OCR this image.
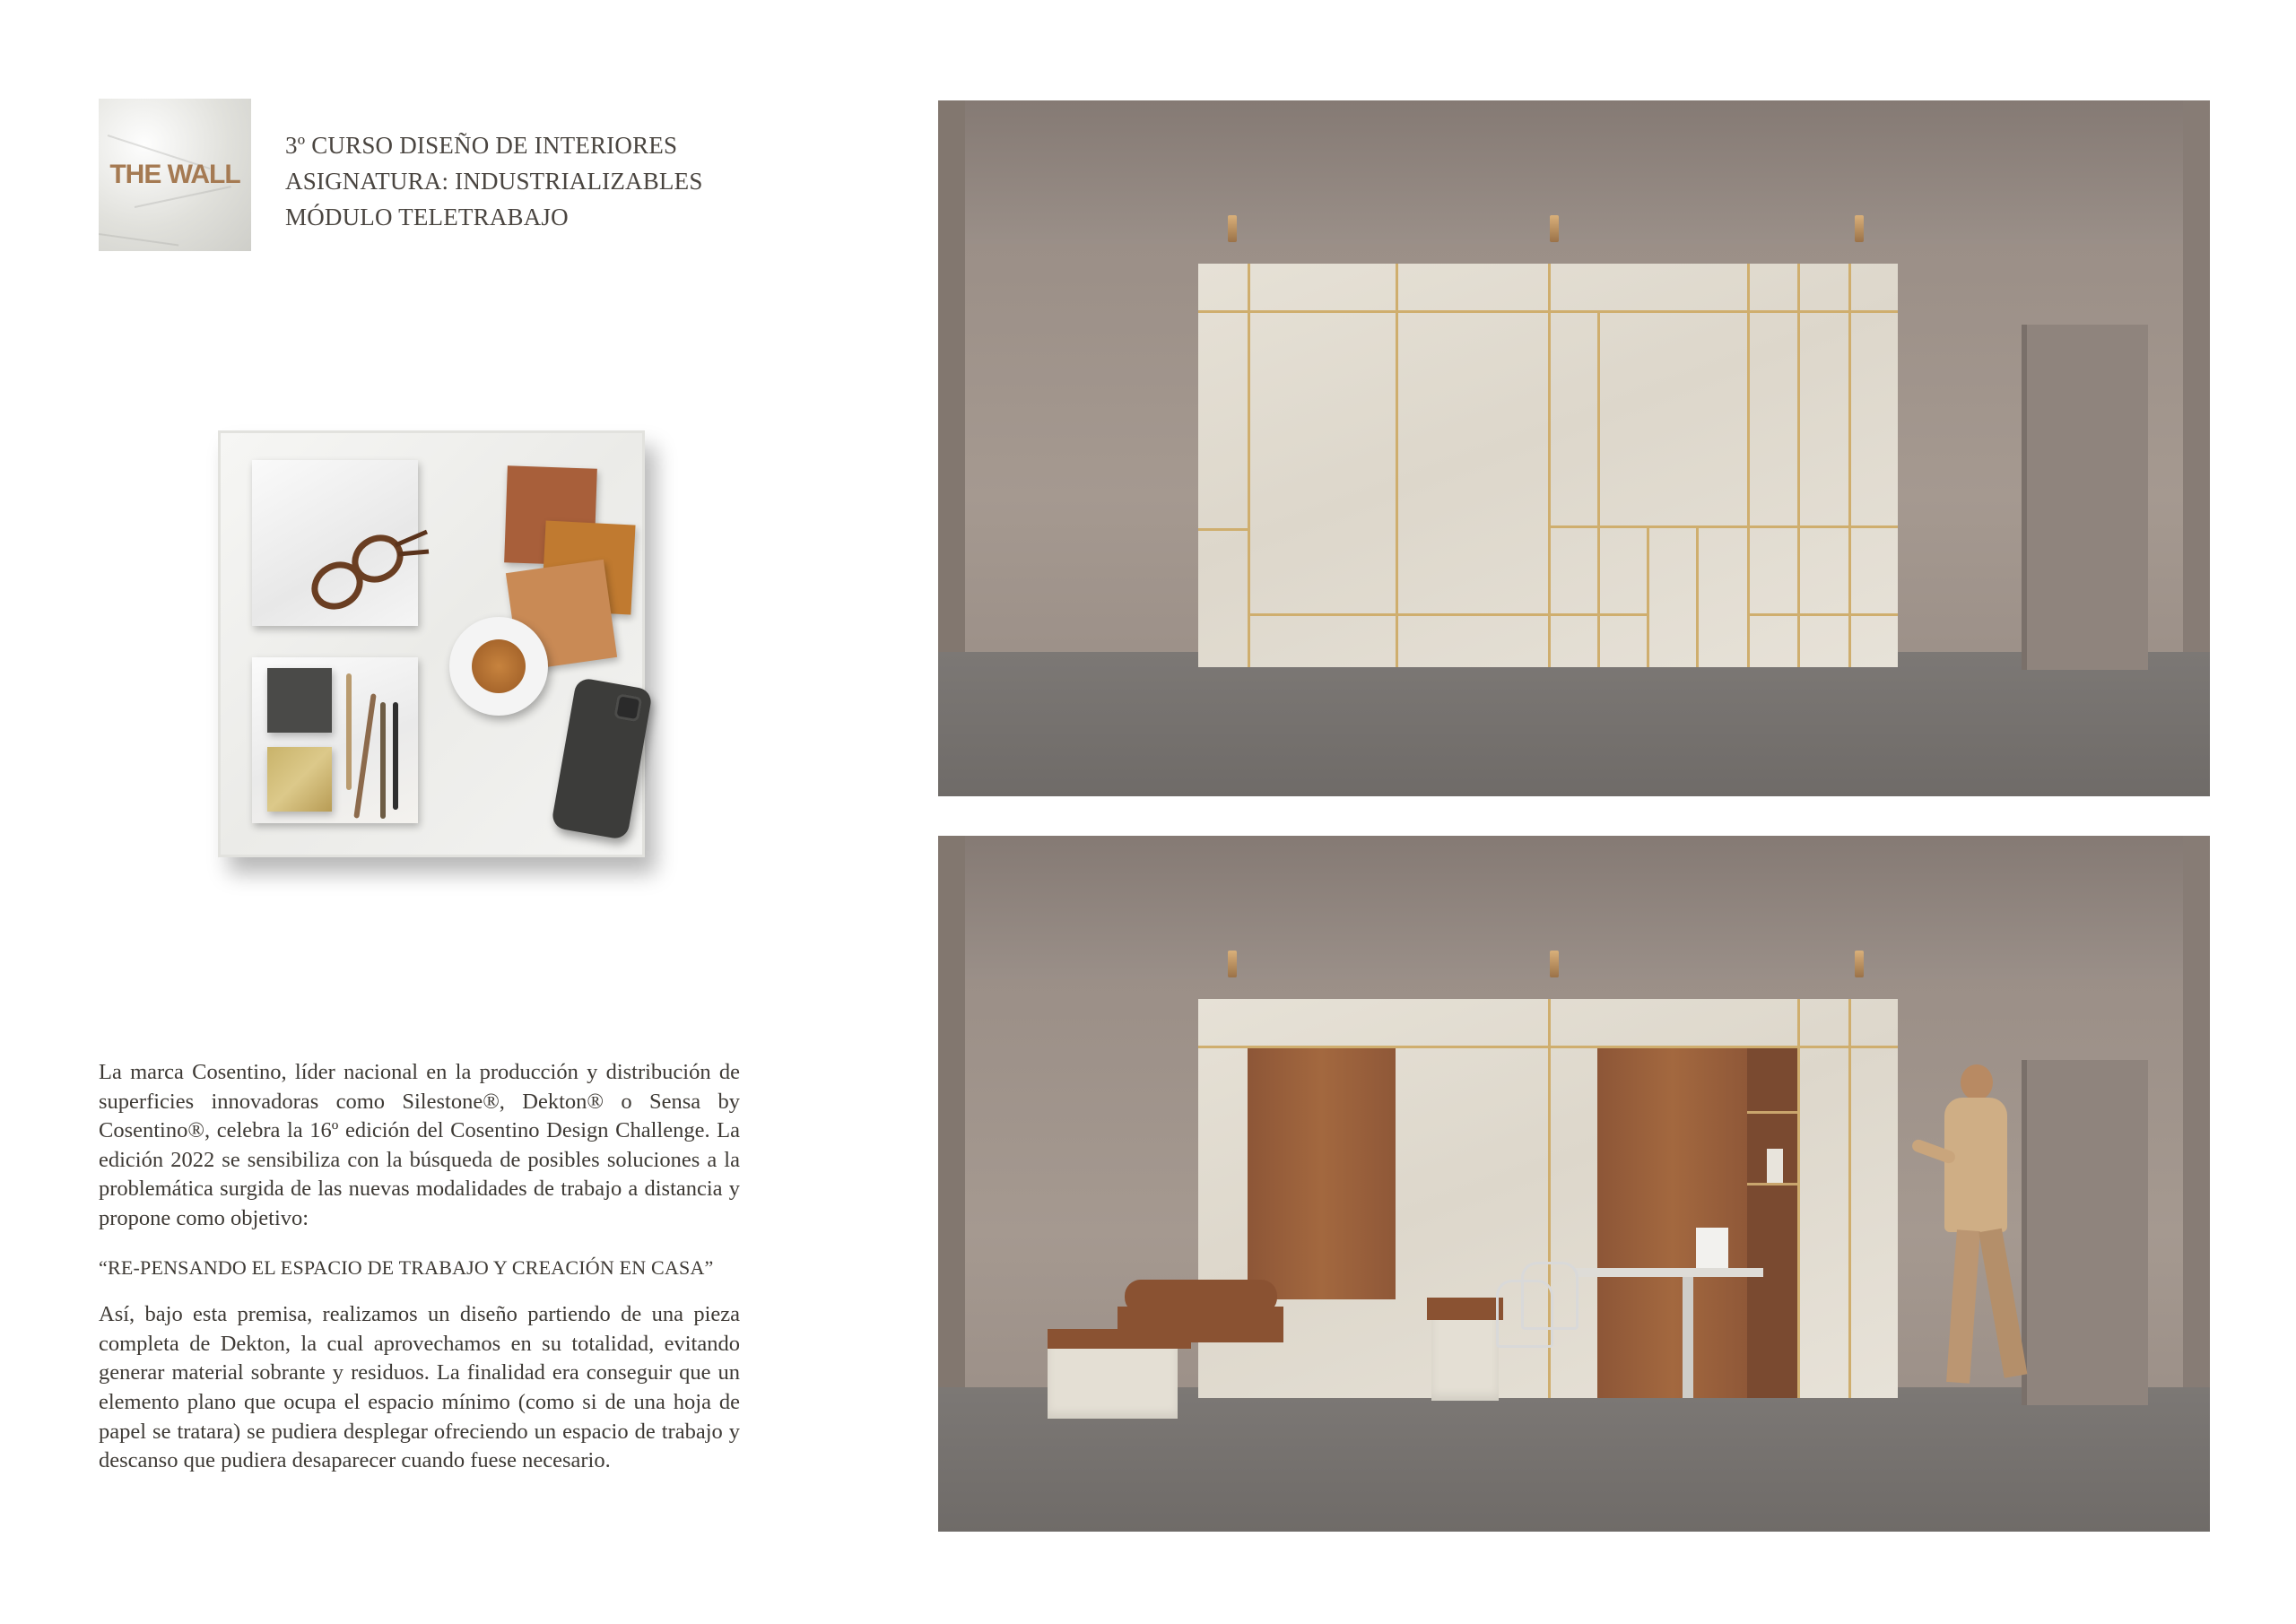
THE WALL
3º CURSO DISEÑO DE INTERIORES
ASIGNATURA: INDUSTRIALIZABLES
MÓDULO TELETRABAJO

La marca Cosentino, líder nacional en la producción y distribución de superficies innovadoras como Silestone®, Dekton® o Sensa by Cosentino®, celebra la 16º edición del Cosentino Design Challenge. La edición 2022 se sensibiliza con la búsqueda de posibles soluciones a la problemática surgida de las nuevas modalidades de trabajo a distancia y propone como objetivo:

“RE-PENSANDO EL ESPACIO DE TRABAJO Y CREACIÓN EN CASA”

Así, bajo esta premisa, realizamos un diseño partiendo de una pieza completa de Dekton, la cual aprovechamos en su totalidad, evitando generar material sobrante y residuos. La finalidad era conseguir que un elemento plano que ocupa el espacio mínimo (como si de una hoja de papel se tratara) se pudiera desplegar ofreciendo un espacio de trabajo y descanso que pudiera desaparecer cuando fuese necesario.
